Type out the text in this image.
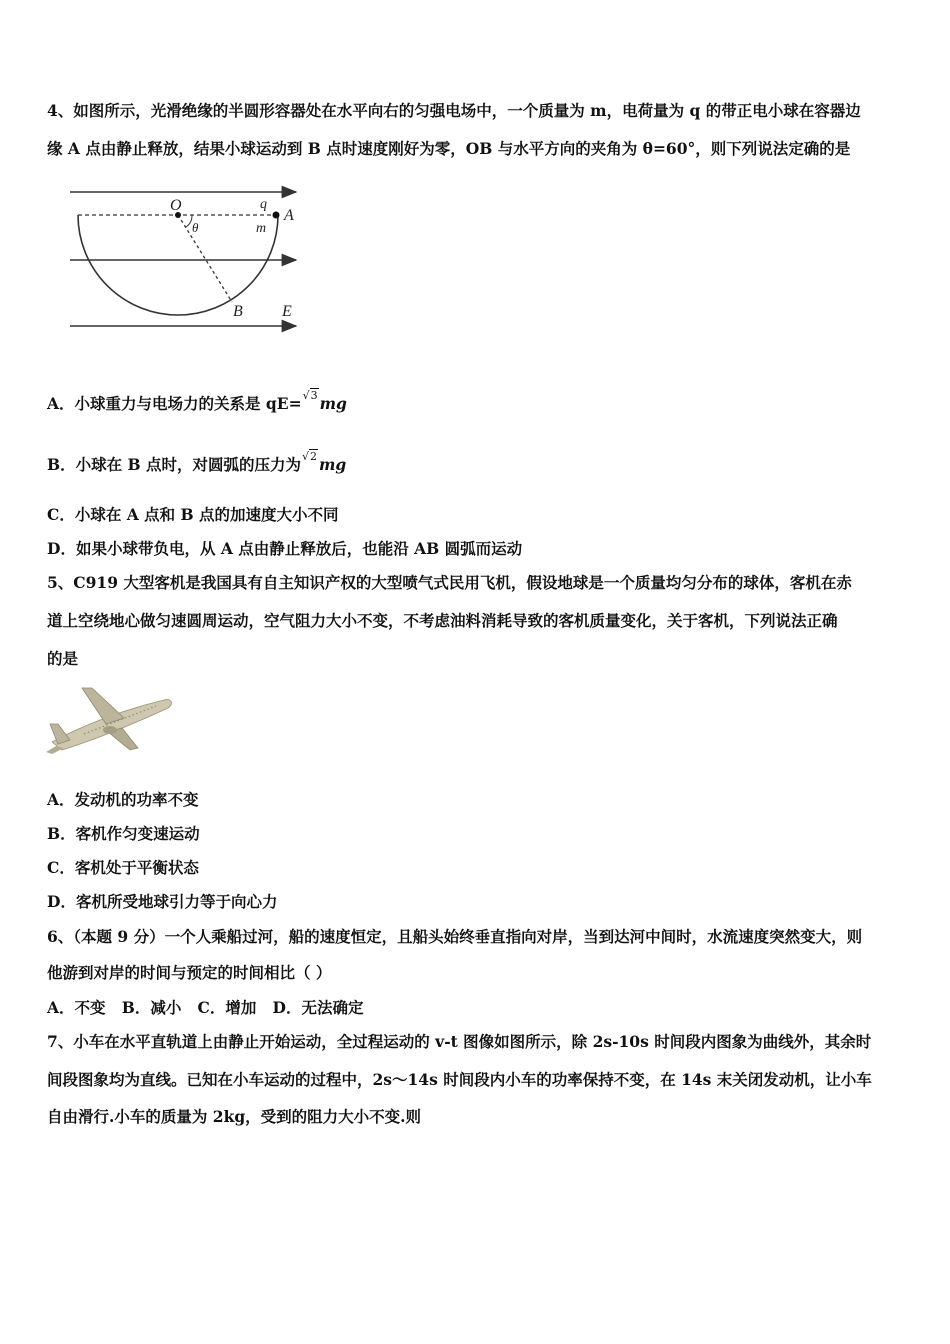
4、如图所示，光滑绝缘的半圆形容器处在水平向右的匀强电场中，一个质量为 m，电荷量为 q 的带正电小球在容器边
缘 A 点由静止释放，结果小球运动到 B 点时速度刚好为零，OB 与水平方向的夹角为 θ=60°，则下列说法定确的是
O
θ
q
m
A
B E
A．小球重力与电场力的关系是 qE=√3 mg
B．小球在 B 点时，对圆弧的压力为√2 mg
C．小球在 A 点和 B 点的加速度大小不同
D．如果小球带负电，从 A 点由静止释放后，也能沿 AB 圆弧而运动
5、C919 大型客机是我国具有自主知识产权的大型喷气式民用飞机，假设地球是一个质量均匀分布的球体，客机在赤
道上空绕地心做匀速圆周运动，空气阻力大小不变，不考虑油料消耗导致的客机质量变化，关于客机，下列说法正确
的是
A．发动机的功率不变
B．客机作匀变速运动
C．客机处于平衡状态
D．客机所受地球引力等于向心力
6、（本题 9 分）一个人乘船过河，船的速度恒定，且船头始终垂直指向对岸，当到达河中间时，水流速度突然变大，则
他游到对岸的时间与预定的时间相比（ ）
A．不变   B．减小   C．增加   D．无法确定
7、小车在水平直轨道上由静止开始运动，全过程运动的 v-t 图像如图所示，除 2s-10s 时间段内图象为曲线外，其余时
间段图象均为直线。已知在小车运动的过程中，2s～14s 时间段内小车的功率保持不变，在 14s 末关闭发动机，让小车
自由滑行.小车的质量为 2kg，受到的阻力大小不变.则
